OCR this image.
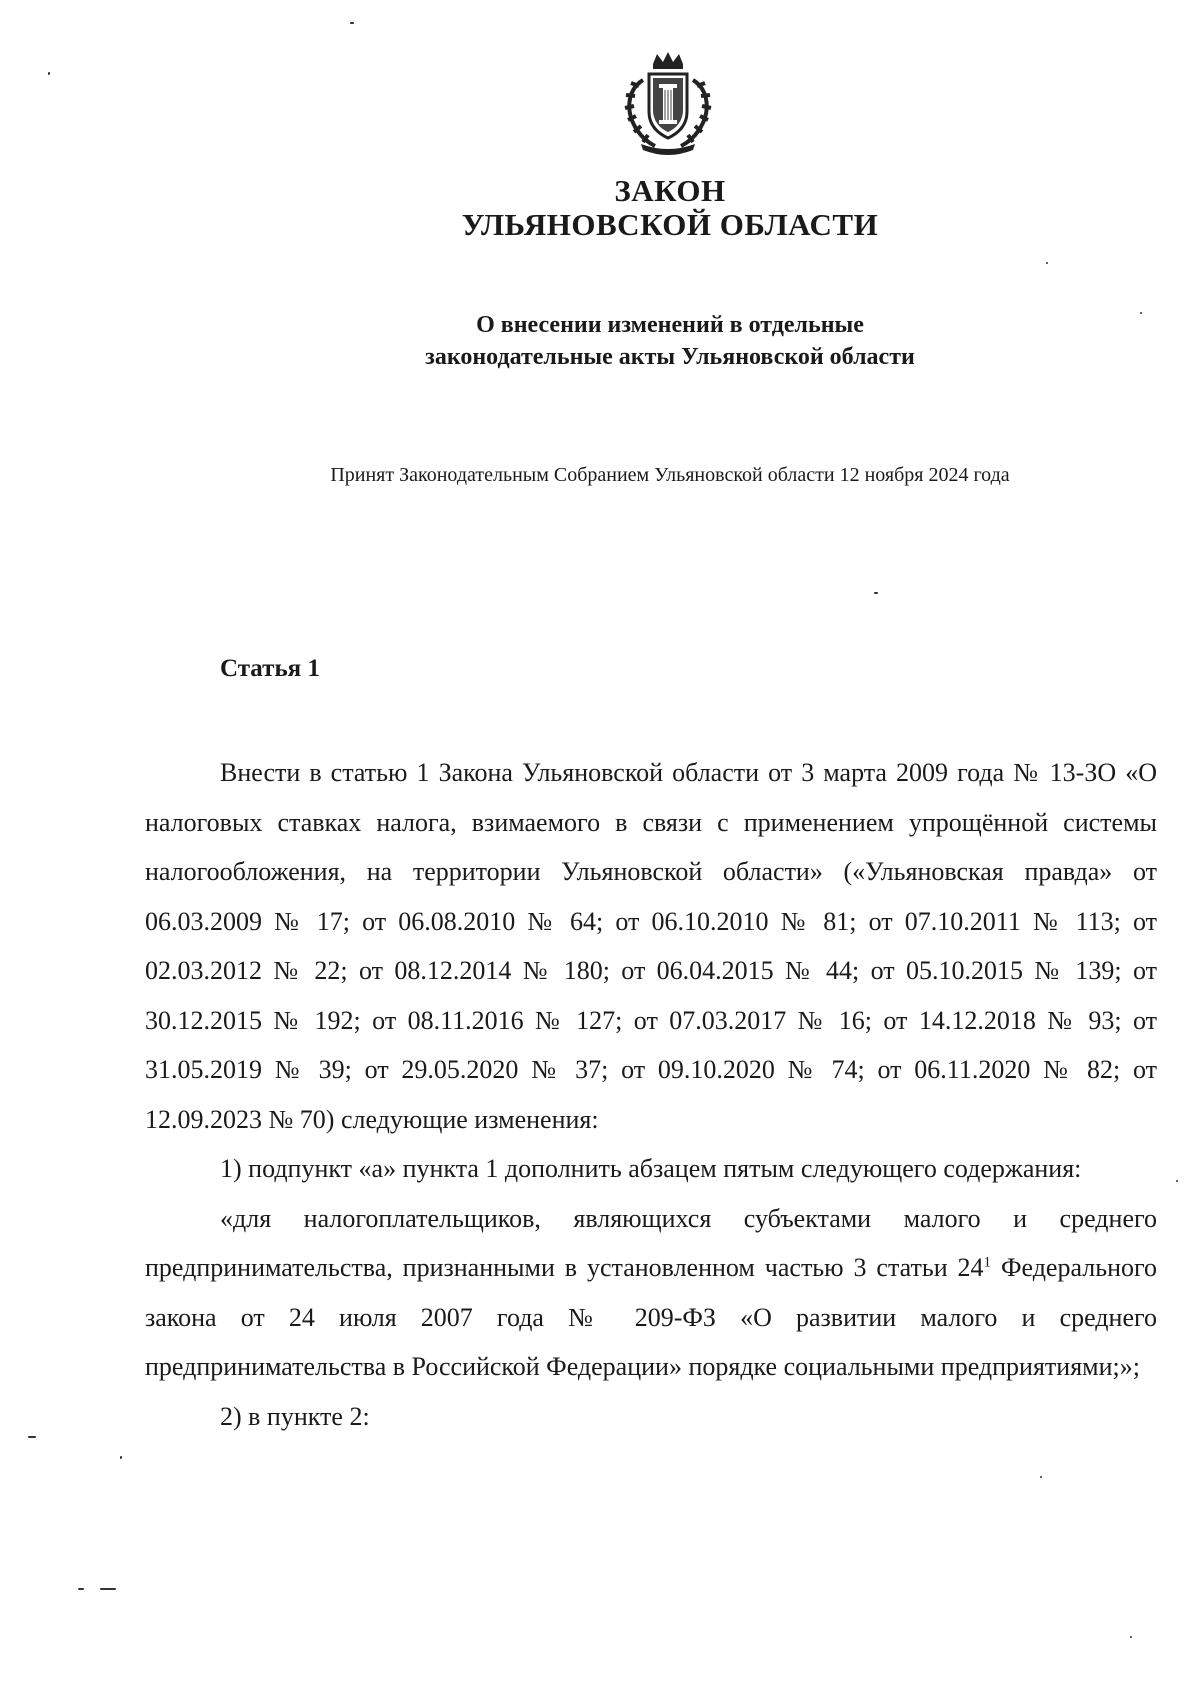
ЗАКОН
УЛЬЯНОВСКОЙ ОБЛАСТИ
О внесении изменений в отдельные
законодательные акты Ульяновской области
Принят Законодательным Собранием Ульяновской области 12 ноября 2024 года
Статья 1

Внести в статью 1 Закона Ульяновской области от 3 марта 2009 года № 13-ЗО «О налоговых ставках налога, взимаемого в связи с применением упрощённой системы налогообложения, на территории Ульяновской области» («Ульяновская правда» от 06.03.2009 № 17; от 06.08.2010 № 64; от 06.10.2010 № 81; от 07.10.2011 № 113; от 02.03.2012 № 22; от 08.12.2014 № 180; от 06.04.2015 № 44; от 05.10.2015 № 139; от 30.12.2015 № 192; от 08.11.2016 № 127; от 07.03.2017 № 16; от 14.12.2018 № 93; от 31.05.2019 № 39; от 29.05.2020 № 37; от 09.10.2020 № 74; от 06.11.2020 № 82; от 12.09.2023 № 70) следующие изменения:

1) подпункт «а» пункта 1 дополнить абзацем пятым следующего содержания:

«для налогоплательщиков, являющихся субъектами малого и среднего предпринимательства, признанными в установленном частью 3 статьи $24^1$ Федерального закона от 24 июля 2007 года № 209-ФЗ «О развитии малого и среднего предпринимательства в Российской Федерации» порядке социальными предприятиями;»;

2) в пункте 2:
